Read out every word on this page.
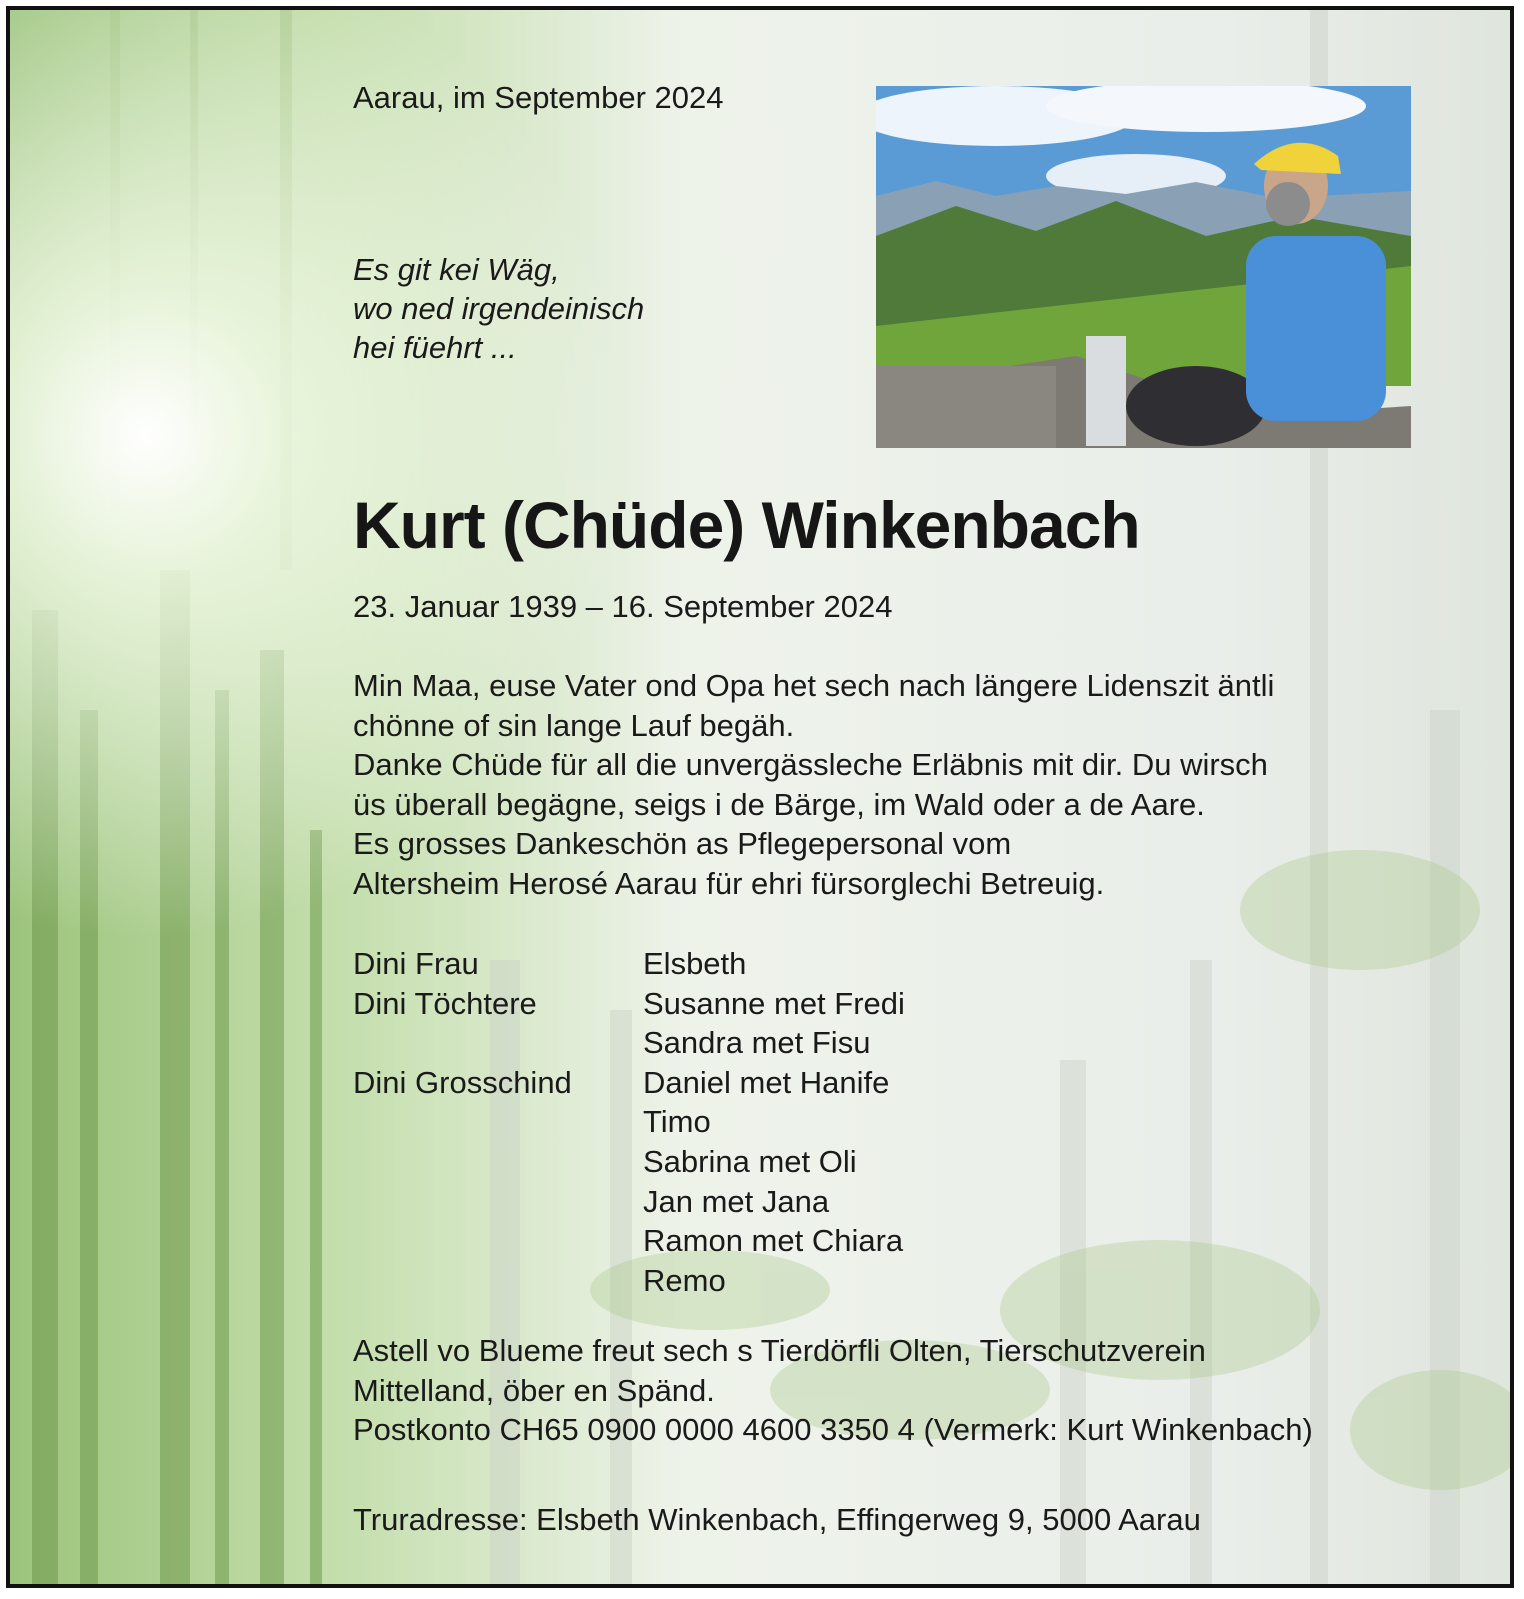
Aarau, im September 2024

Es git kei Wäg,
wo ned irgendeinisch
hei füehrt ...
Kurt (Chüde) Winkenbach

23. Januar 1939 – 16. September 2024

Min Maa, euse Vater ond Opa het sech nach längere Lidenszit äntli
chönne of sin lange Lauf begäh.
Danke Chüde für all die unvergässleche Erläbnis mit dir. Du wirsch
üs überall begägne, seigs i de Bärge, im Wald oder a de Aare.
Es grosses Dankeschön as Pflegepersonal vom
Altersheim Herosé Aarau für ehri fürsorglechi Betreuig.
Dini Frau	Elsbeth
Dini Töchtere	Susanne met Fredi
Sandra met Fisu
Dini Grosschind	Daniel met Hanife
Timo
Sabrina met Oli
Jan met Jana
Ramon met Chiara
Remo
Astell vo Blueme freut sech s Tierdörfli Olten, Tierschutzverein
Mittelland, öber en Spänd.
Postkonto CH65 0900 0000 4600 3350 4 (Vermerk: Kurt Winkenbach)

Truradresse: Elsbeth Winkenbach, Effingerweg 9, 5000 Aarau
